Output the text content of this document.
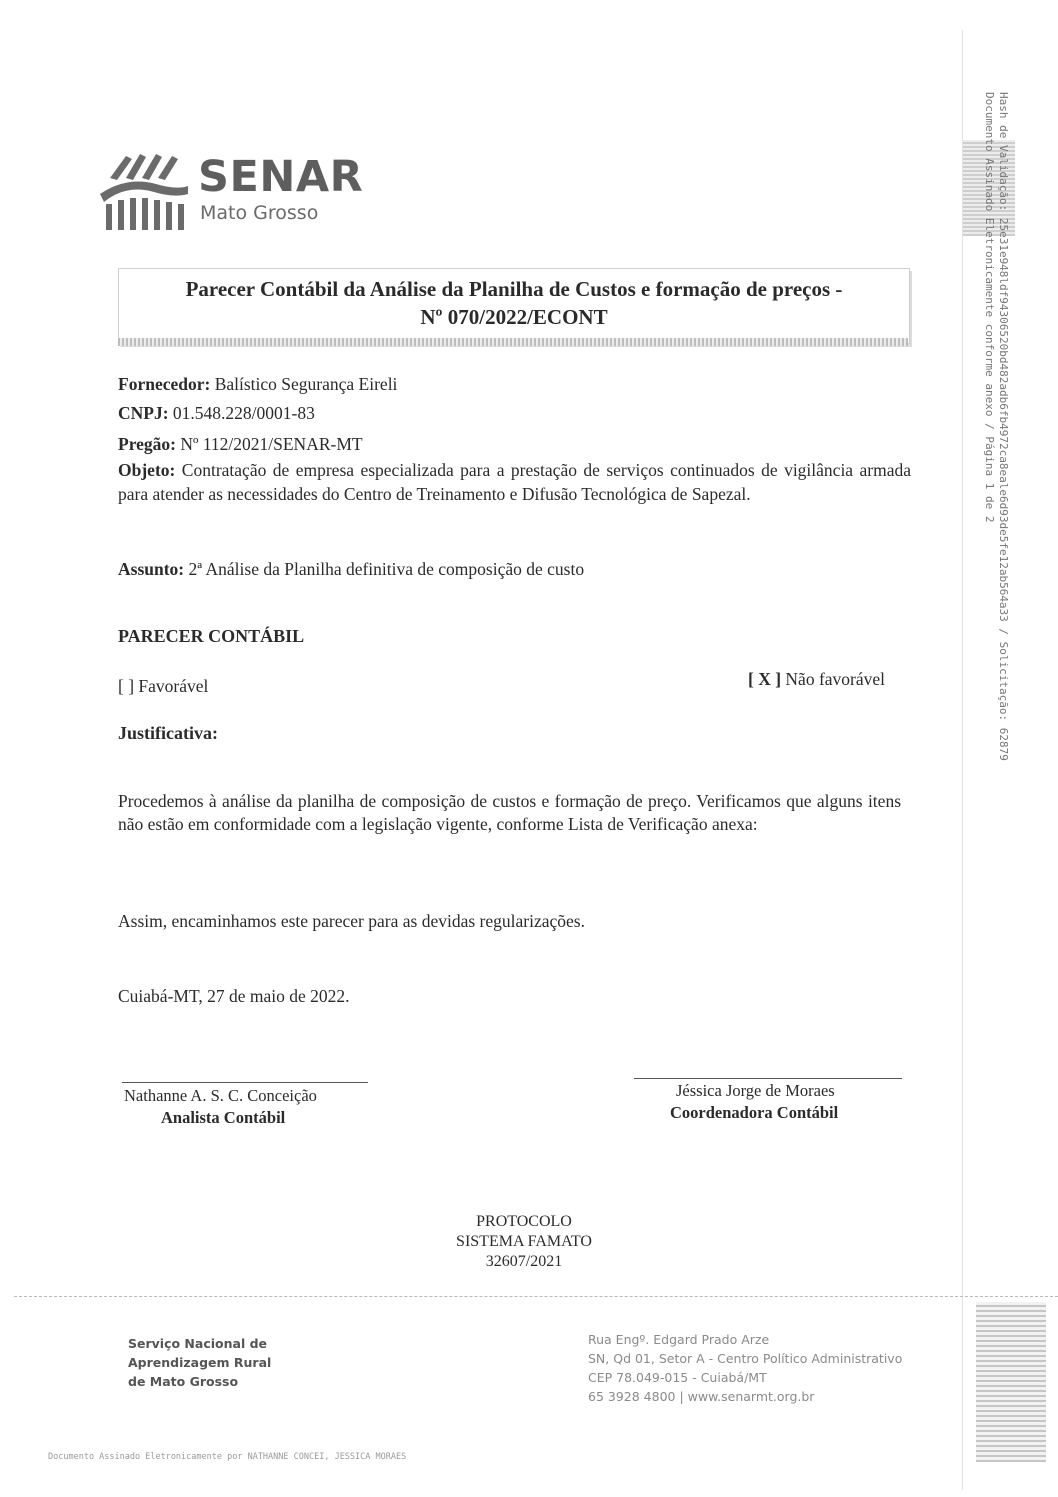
SENAR
Mato Grosso
Parecer Contábil da Análise da Planilha de Custos e formação de preços -
Nº 070/2022/ECONT
Fornecedor: Balístico Segurança Eireli
CNPJ: 01.548.228/0001-83
Pregão: Nº 112/2021/SENAR-MT
Objeto: Contratação de empresa especializada para a prestação de serviços continuados de vigilância armada para atender as necessidades do Centro de Treinamento e Difusão Tecnológica de Sapezal.
Assunto: 2ª Análise da Planilha definitiva de composição de custo
PARECER CONTÁBIL
[ ] Favorável	[ X ] Não favorável
Justificativa:
Procedemos à análise da planilha de composição de custos e formação de preço. Verificamos que alguns itens não estão em conformidade com a legislação vigente, conforme Lista de Verificação anexa:
Assim, encaminhamos este parecer para as devidas regularizações.
Cuiabá-MT, 27 de maio de 2022.
Nathanne A. S. C. Conceição
Analista Contábil
Jéssica Jorge de Moraes
Coordenadora Contábil
PROTOCOLO
SISTEMA FAMATO
32607/2021
Serviço Nacional de
Aprendizagem Rural
de Mato Grosso
Rua Engº. Edgard Prado Arze
SN, Qd 01, Setor A - Centro Político Administrativo
CEP 78.049-015 - Cuiabá/MT
65 3928 4800 | www.senarmt.org.br
Hash de Validação: 25e31e948ldf94306520bd482adb6fb4972ca8eale6d93de5fe12ab564a33 / Solicitação: 62879
Documento Assinado Eletronicamente conforme anexo / Página 1 de 2
Documento Assinado Eletronicamente por NATHANNE CONCEI, JESSICA MORAES
